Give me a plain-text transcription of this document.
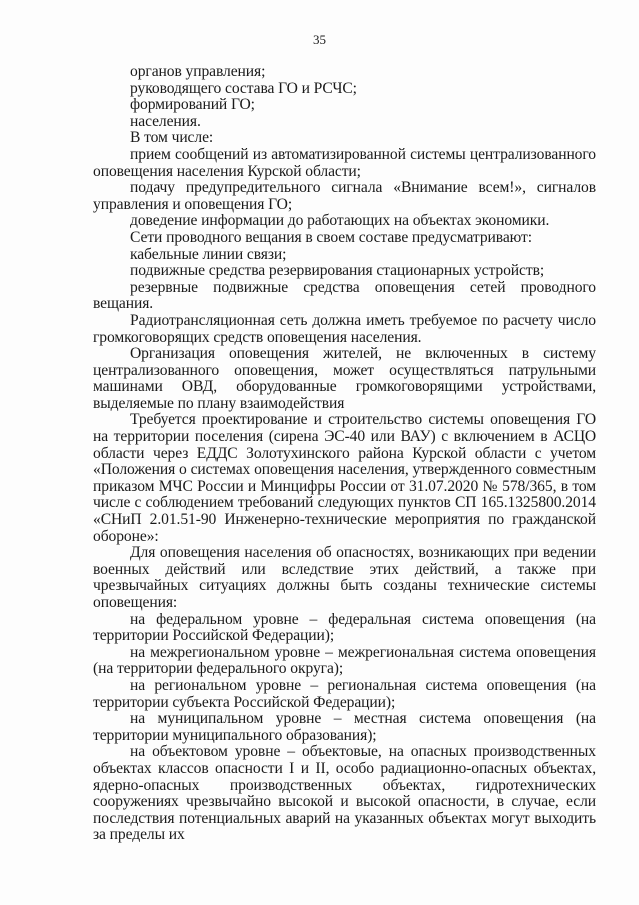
35

органов управления;

руководящего состава ГО и РСЧС;

формирований ГО;

населения.

В том числе:

прием сообщений из автоматизированной системы централизованного оповещения населения Курской области;

подачу предупредительного сигнала «Внимание всем!», сигналов управления и оповещения ГО;

доведение информации до работающих на объектах экономики.

Сети проводного вещания в своем составе предусматривают:

кабельные линии связи;

подвижные средства резервирования стационарных устройств;

резервные подвижные средства оповещения сетей проводного вещания.

Радиотрансляционная сеть должна иметь требуемое по расчету число громкоговорящих средств оповещения населения.

Организация оповещения жителей, не включенных в систему централизованного оповещения, может осуществляться патрульными машинами ОВД, оборудованные громкоговорящими устройствами, выделяемые по плану взаимодействия

Требуется проектирование и строительство системы оповещения ГО на территории поселения (сирена ЭС-40 или ВАУ) с включением в АСЦО области через ЕДДС Золотухинского района Курской области с учетом «Положения о системах оповещения населения, утвержденного совместным приказом МЧС России и Минцифры России от 31.07.2020 № 578/365, в том числе с соблюдением требований следующих пунктов СП 165.1325800.2014 «СНиП 2.01.51-90 Инженерно-технические мероприятия по гражданской обороне»:

Для оповещения населения об опасностях, возникающих при ведении военных действий или вследствие этих действий, а также при чрезвычайных ситуациях должны быть созданы технические системы оповещения:

на федеральном уровне – федеральная система оповещения (на территории Российской Федерации);

на межрегиональном уровне – межрегиональная система оповещения (на территории федерального округа);

на региональном уровне – региональная система оповещения (на территории субъекта Российской Федерации);

на муниципальном уровне – местная система оповещения (на территории муниципального образования);

на объектовом уровне – объектовые, на опасных производственных объектах классов опасности I и II, особо радиационно-опасных объектах, ядерно-опасных производственных объектах, гидротехнических сооружениях чрезвычайно высокой и высокой опасности, в случае, если последствия потенциальных аварий на указанных объектах могут выходить за пределы их
